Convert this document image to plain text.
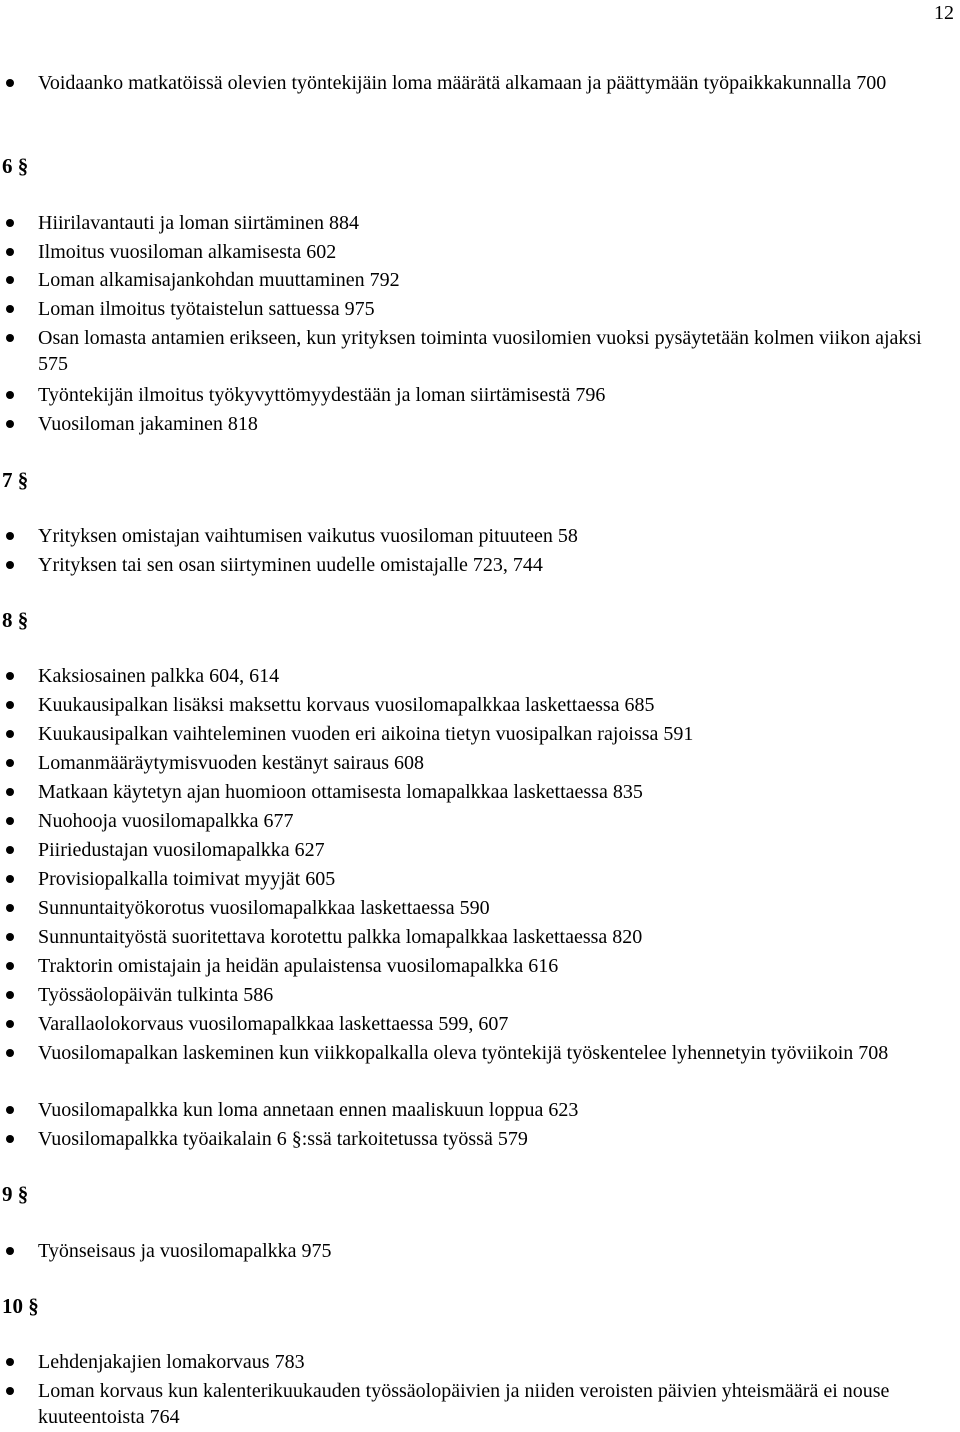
12
Voidaanko matkatöissä olevien työntekijäin loma määrätä alkamaan ja päättymään työpaikkakunnalla 700
6 §
Hiirilavantauti ja loman siirtäminen 884
Ilmoitus vuosiloman alkamisesta 602
Loman alkamisajankohdan muuttaminen 792
Loman ilmoitus työtaistelun sattuessa 975
Osan lomasta antamien erikseen, kun yrityksen toiminta vuosilomien vuoksi pysäytetään kolmen viikon ajaksi 575
Työntekijän ilmoitus työkyvyttömyydestään ja loman siirtämisestä 796
Vuosiloman jakaminen 818
7 §
Yrityksen omistajan vaihtumisen vaikutus vuosiloman pituuteen 58
Yrityksen tai sen osan siirtyminen uudelle omistajalle 723, 744
8 §
Kaksiosainen palkka 604, 614
Kuukausipalkan lisäksi maksettu korvaus vuosilomapalkkaa laskettaessa 685
Kuukausipalkan vaihteleminen vuoden eri aikoina tietyn vuosipalkan rajoissa 591
Lomanmääräytymisvuoden kestänyt sairaus 608
Matkaan käytetyn ajan huomioon ottamisesta lomapalkkaa laskettaessa 835
Nuohooja vuosilomapalkka 677
Piiriedustajan vuosilomapalkka 627
Provisiopalkalla toimivat myyjät 605
Sunnuntaityökorotus vuosilomapalkkaa laskettaessa 590
Sunnuntaityöstä suoritettava korotettu palkka lomapalkkaa laskettaessa 820
Traktorin omistajain ja heidän apulaistensa vuosilomapalkka 616
Työssäolopäivän tulkinta 586
Varallaolokorvaus vuosilomapalkkaa laskettaessa 599, 607
Vuosilomapalkan laskeminen kun viikkopalkalla oleva työntekijä työskentelee lyhennetyin työviikoin 708
Vuosilomapalkka kun loma annetaan ennen maaliskuun loppua 623
Vuosilomapalkka työaikalain 6 §:ssä tarkoitetussa työssä 579
9 §
Työnseisaus ja vuosilomapalkka 975
10 §
Lehdenjakajien lomakorvaus 783
Loman korvaus kun kalenterikuukauden työssäolopäivien ja niiden veroisten päivien yhteismäärä ei nouse kuuteentoista 764
